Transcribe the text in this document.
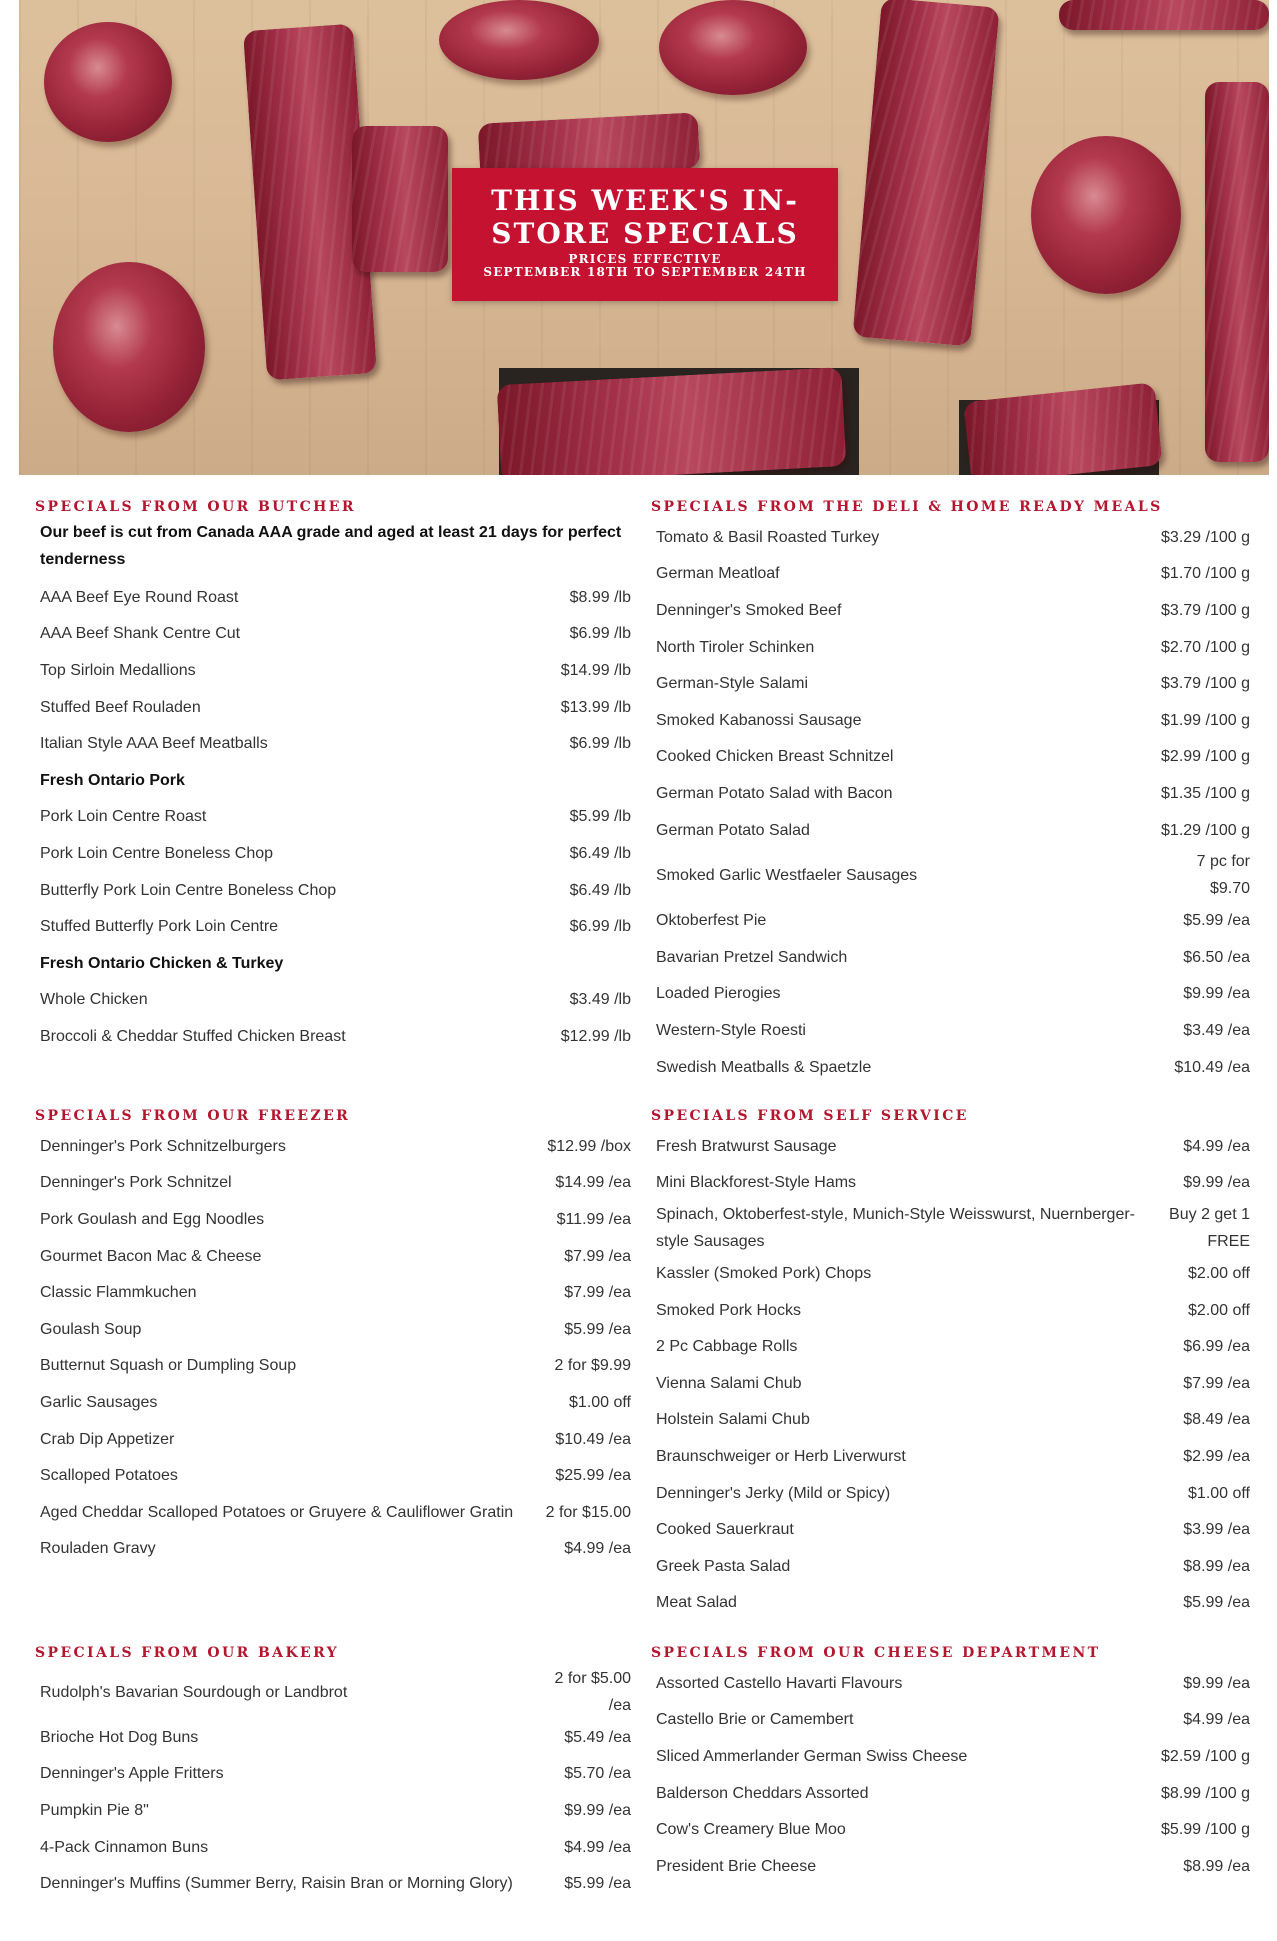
THIS WEEK'S IN-
STORE SPECIALS
PRICES EFFECTIVE
SEPTEMBER 18TH TO SEPTEMBER 24TH
SPECIALS FROM OUR BUTCHER
Our beef is cut from Canada AAA grade and aged at least 21 days for perfect tenderness
AAA Beef Eye Round Roast	$8.99 /lb
AAA Beef Shank Centre Cut	$6.99 /lb
Top Sirloin Medallions	$14.99 /lb
Stuffed Beef Rouladen	$13.99 /lb
Italian Style AAA Beef Meatballs	$6.99 /lb
Fresh Ontario Pork
Pork Loin Centre Roast	$5.99 /lb
Pork Loin Centre Boneless Chop	$6.49 /lb
Butterfly Pork Loin Centre Boneless Chop	$6.49 /lb
Stuffed Butterfly Pork Loin Centre	$6.99 /lb
Fresh Ontario Chicken & Turkey
Whole Chicken	$3.49 /lb
Broccoli & Cheddar Stuffed Chicken Breast	$12.99 /lb
SPECIALS FROM OUR FREEZER
Denninger's Pork Schnitzelburgers	$12.99 /box
Denninger's Pork Schnitzel	$14.99 /ea
Pork Goulash and Egg Noodles	$11.99 /ea
Gourmet Bacon Mac & Cheese	$7.99 /ea
Classic Flammkuchen	$7.99 /ea
Goulash Soup	$5.99 /ea
Butternut Squash or Dumpling Soup	2 for $9.99
Garlic Sausages	$1.00 off
Crab Dip Appetizer	$10.49 /ea
Scalloped Potatoes	$25.99 /ea
Aged Cheddar Scalloped Potatoes or Gruyere & Cauliflower Gratin	2 for $15.00
Rouladen Gravy	$4.99 /ea
SPECIALS FROM OUR BAKERY
Rudolph's Bavarian Sourdough or Landbrot
2 for $5.00 /ea
Brioche Hot Dog Buns	$5.49 /ea
Denninger's Apple Fritters	$5.70 /ea
Pumpkin Pie 8"	$9.99 /ea
4-Pack Cinnamon Buns	$4.99 /ea
Denninger's Muffins (Summer Berry, Raisin Bran or Morning Glory)	$5.99 /ea
SPECIALS FROM THE DELI & HOME READY MEALS
Tomato & Basil Roasted Turkey	$3.29 /100 g
German Meatloaf	$1.70 /100 g
Denninger's Smoked Beef	$3.79 /100 g
North Tiroler Schinken	$2.70 /100 g
German-Style Salami	$3.79 /100 g
Smoked Kabanossi Sausage	$1.99 /100 g
Cooked Chicken Breast Schnitzel	$2.99 /100 g
German Potato Salad with Bacon	$1.35 /100 g
German Potato Salad	$1.29 /100 g
Smoked Garlic Westfaeler Sausages
7 pc for $9.70
Oktoberfest Pie	$5.99 /ea
Bavarian Pretzel Sandwich	$6.50 /ea
Loaded Pierogies	$9.99 /ea
Western-Style Roesti	$3.49 /ea
Swedish Meatballs & Spaetzle	$10.49 /ea
SPECIALS FROM SELF SERVICE
Fresh Bratwurst Sausage	$4.99 /ea
Mini Blackforest-Style Hams	$9.99 /ea
Spinach, Oktoberfest-style, Munich-Style Weisswurst, Nuernberger-style Sausages
Buy 2 get 1 FREE
Kassler (Smoked Pork) Chops	$2.00 off
Smoked Pork Hocks	$2.00 off
2 Pc Cabbage Rolls	$6.99 /ea
Vienna Salami Chub	$7.99 /ea
Holstein Salami Chub	$8.49 /ea
Braunschweiger or Herb Liverwurst	$2.99 /ea
Denninger's Jerky (Mild or Spicy)	$1.00 off
Cooked Sauerkraut	$3.99 /ea
Greek Pasta Salad	$8.99 /ea
Meat Salad	$5.99 /ea
SPECIALS FROM OUR CHEESE DEPARTMENT
Assorted Castello Havarti Flavours	$9.99 /ea
Castello Brie or Camembert	$4.99 /ea
Sliced Ammerlander German Swiss Cheese	$2.59 /100 g
Balderson Cheddars Assorted	$8.99 /100 g
Cow's Creamery Blue Moo	$5.99 /100 g
President Brie Cheese	$8.99 /ea
